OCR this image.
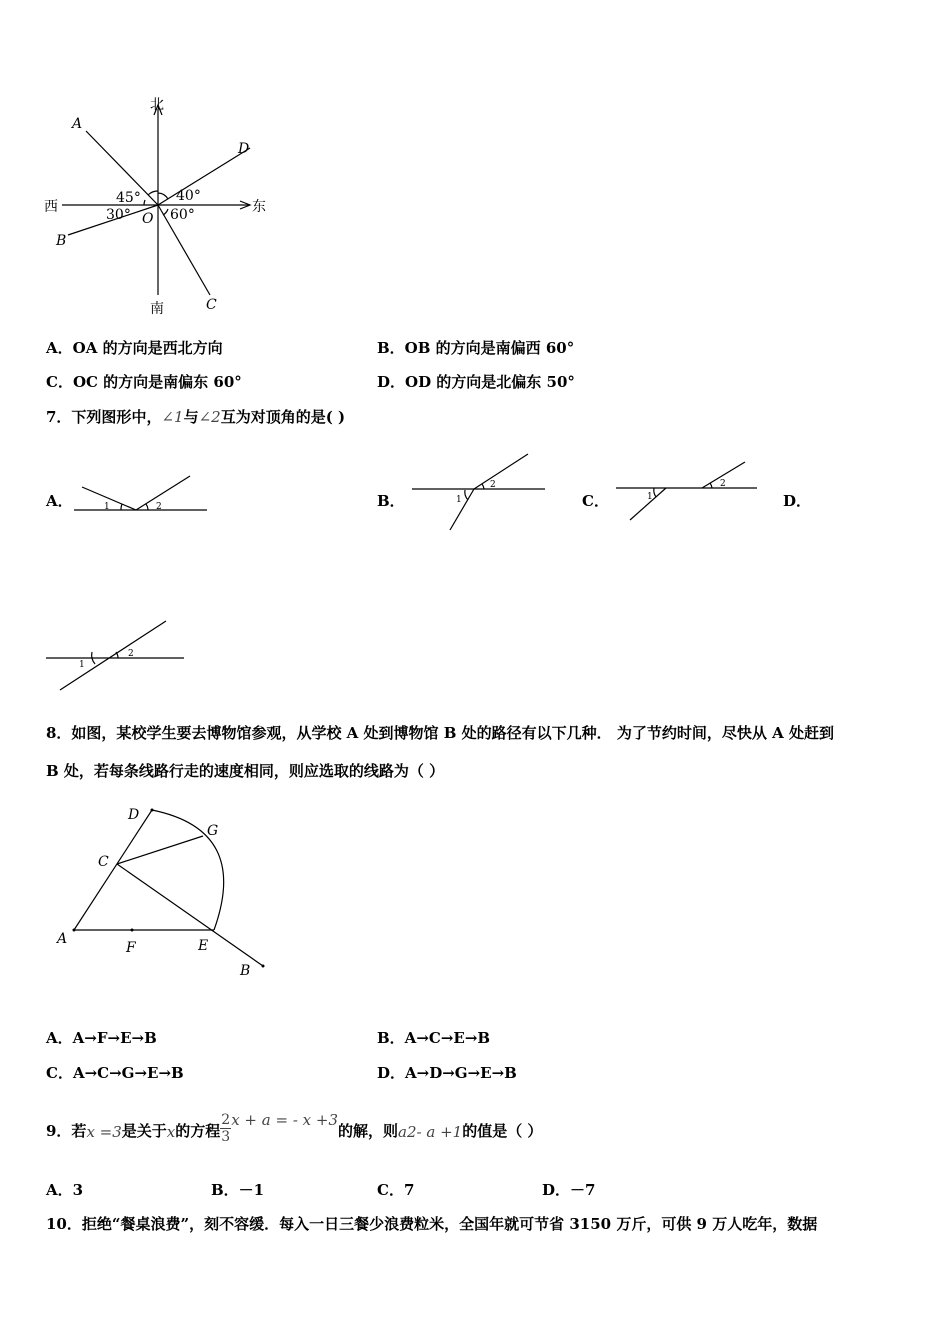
北
南
西	东
A
B
C
D
O
45°
30°	60°
40°
A．OA 的方向是西北方向	B．OB 的方向是南偏西 60°
C．OC 的方向是南偏东 60°	D．OD 的方向是北偏东 50°
7．下列图形中，∠1与∠2互为对顶角的是( )
A．	1	2	B．	1
2
C．	1
2
D．
1
2
8．如图，某校学生要去博物馆参观，从学校 A 处到博物馆 B 处的路径有以下几种． 为了节约时间，尽快从 A 处赶到
B 处，若每条线路行走的速度相同，则应选取的线路为（ ）
A
B
C
D
E
F
G
A．A→F→E→B	B．A→C→E→B
C．A→C→G→E→B	D．A→D→G→E→B
9．若 x =3 是关于 x 的方程 $\frac{2}{3}$ x + a = - x +3
的解，则 a 2 - a +1 的值是（ ）
A．3	B．－1	C．7	D．－7
10．拒绝“餐桌浪费”，刻不容缓．每入一日三餐少浪费粒米，全国年就可节省 3150 万斤，可供 9 万人吃年，数据
